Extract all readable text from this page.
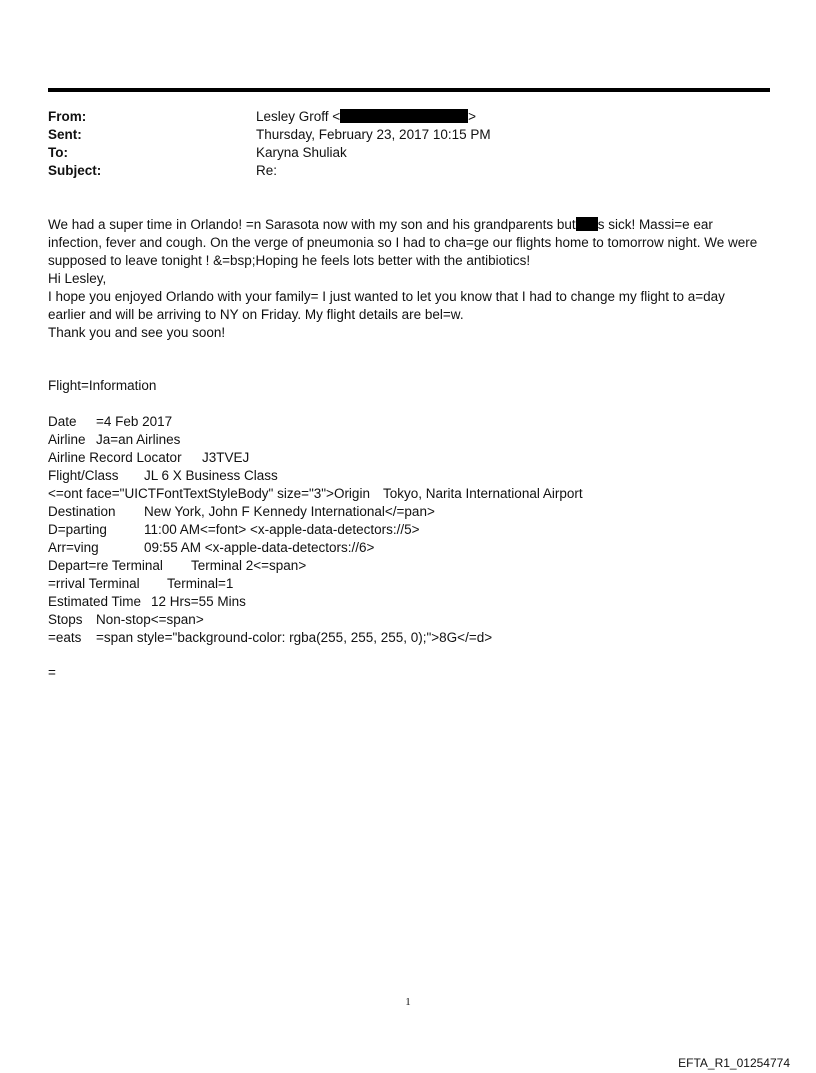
From:	Lesley Groff <	>
Sent:	Thursday, February 23, 2017 10:15 PM
To:	Karyna Shuliak
Subject:	Re:
We had a super time in Orlando! =n Sarasota now with my son and his grandparents but s sick! Massi=e ear
infection, fever and cough. On the verge of pneumonia so I had to cha=ge our flights home to tomorrow night. We were
supposed to leave tonight ! &=bsp;Hoping he feels lots better with the antibiotics!
Hi Lesley,
I hope you enjoyed Orlando with your family= I just wanted to let you know that I had to change my flight to a=day
earlier and will be arriving to NY on Friday. My flight details are bel=w.
Thank you and see you soon!
Flight=Information
Date =4 Feb 2017
Airline Ja=an Airlines
Airline Record Locator J3TVEJ
Flight/Class JL 6 X Business Class
<=ont face="UICTFontTextStyleBody" size="3">Origin Tokyo, Narita International Airport
Destination New York, John F Kennedy International</=pan>
D=parting	11:00 AM<=font> <x-apple-data-detectors://5>
Arr=ving	09:55 AM <x-apple-data-detectors://6>
Depart=re Terminal Terminal 2<=span>
=rrival Terminal Terminal=1
Estimated Time 12 Hrs=55 Mins
Stops Non-stop<=span>
=eats =span style="background-color: rgba(255, 255, 255, 0);">8G</=d>
=
1
EFTA_R1_01254774
